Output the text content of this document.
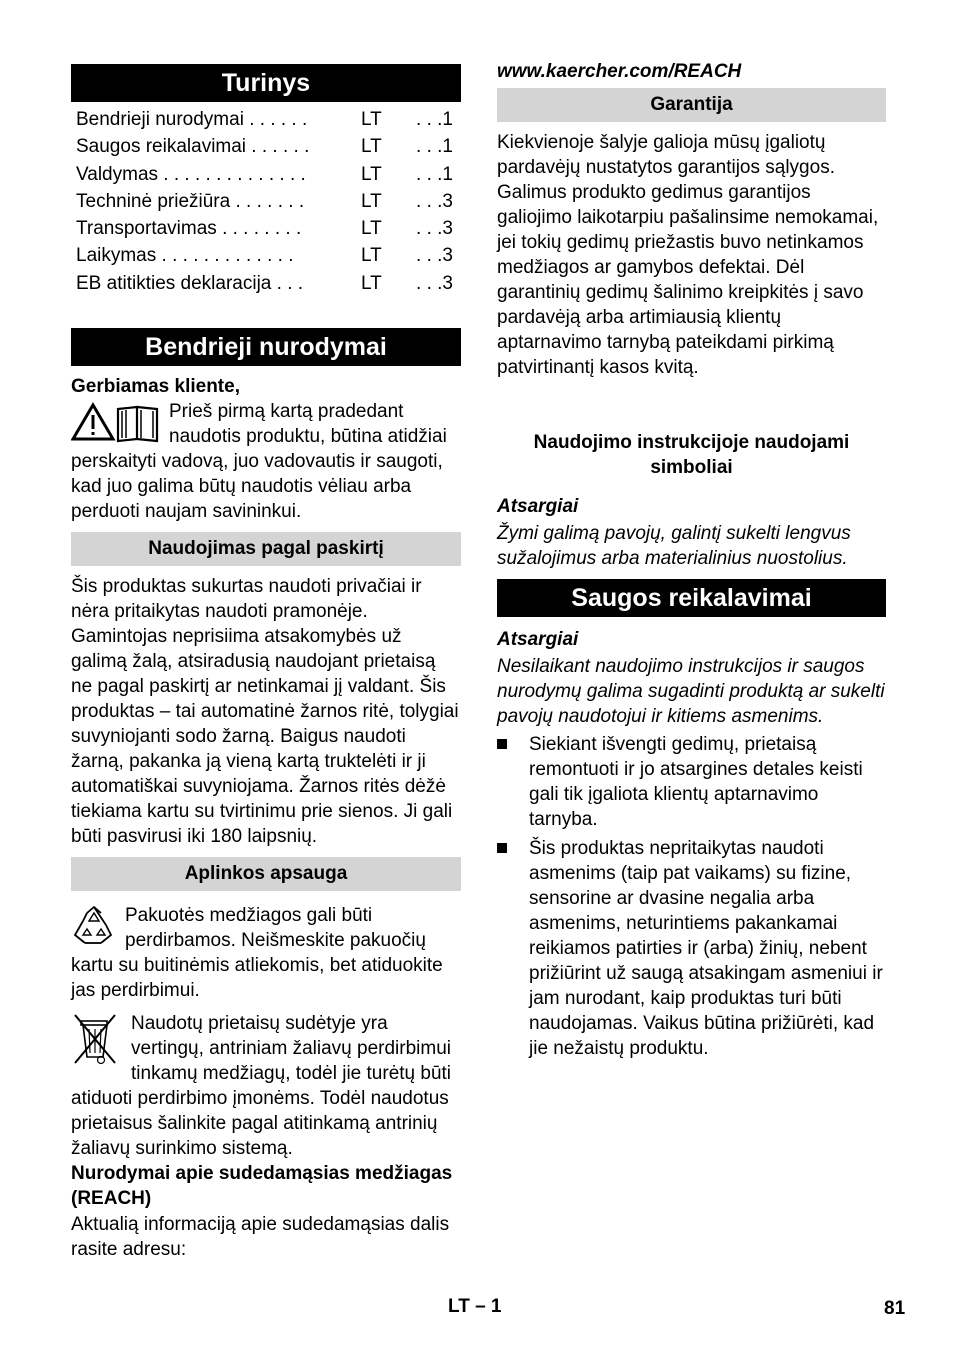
Turinys
Bendrieji nurodymai . . . . . .	LT	. . .1
Saugos reikalavimai . . . . . .	LT	. . .1
Valdymas . . . . . . . . . . . . . .	LT	. . .1
Techninė priežiūra . . . . . . .	LT	. . .3
Transportavimas . . . . . . . .	LT	. . .3
Laikymas . . . . . . . . . . . . .	LT	. . .3
EB atitikties deklaracija . . .	LT	. . .3
Bendrieji nurodymai

Gerbiamas kliente,

Prieš pirmą kartą pradedant naudotis produktu, būtina atidžiai perskaityti vadovą, juo vadovautis ir saugoti, kad juo galima būtų naudotis vėliau arba perduoti naujam savininkui.

Naudojimas pagal paskirtį

Šis produktas sukurtas naudoti privačiai ir nėra pritaikytas naudoti pramonėje. Gamintojas neprisiima atsakomybės už galimą žalą, atsiradusią naudojant prietaisą ne pagal paskirtį ar netinkamai jį valdant. Šis produktas – tai automatinė žarnos ritė, tolygiai suvyniojanti sodo žarną. Baigus naudoti žarną, pakanka ją vieną kartą truktelėti ir ji automatiškai suvyniojama. Žarnos ritės dėžė tiekiama kartu su tvirtinimu prie sienos. Ji gali būti pasvirusi iki 180 laipsnių.

Aplinkos apsauga

Pakuotės medžiagos gali būti perdirbamos. Neišmeskite pakuočių kartu su buitinėmis atliekomis, bet atiduokite jas perdirbimui.

Naudotų prietaisų sudėtyje yra vertingų, antriniam žaliavų perdirbimui tinkamų medžiagų, todėl jie turėtų būti atiduoti perdirbimo įmonėms. Todėl naudotus prietaisus šalinkite pagal atitinkamą antrinių žaliavų surinkimo sistemą.

Nurodymai apie sudedamąsias medžiagas (REACH)

Aktualią informaciją apie sudedamąsias dalis rasite adresu:

www.kaercher.com/REACH

Garantija

Kiekvienoje šalyje galioja mūsų įgaliotų pardavėjų nustatytos garantijos sąlygos. Galimus produkto gedimus garantijos galiojimo laikotarpiu pašalinsime nemokamai, jei tokių gedimų priežastis buvo netinkamos medžiagos ar gamybos defektai. Dėl garantinių gedimų šalinimo kreipkitės į savo pardavėją arba artimiausią klientų aptarnavimo tarnybą pateikdami pirkimą patvirtinantį kasos kvitą.

Naudojimo instrukcijoje naudojami simboliai

Atsargiai

Žymi galimą pavojų, galintį sukelti lengvus sužalojimus arba materialinius nuostolius.

Saugos reikalavimai

Atsargiai

Nesilaikant naudojimo instrukcijos ir saugos nurodymų galima sugadinti produktą ar sukelti pavojų naudotojui ir kitiems asmenims.

Siekiant išvengti gedimų, prietaisą remontuoti ir jo atsargines detales keisti gali tik įgaliota klientų aptarnavimo tarnyba.
Šis produktas nepritaikytas naudoti asmenims (taip pat vaikams) su fizine, sensorine ar dvasine negalia arba asmenims, neturintiems pakankamai reikiamos patirties ir (arba) žinių, nebent prižiūrint už saugą atsakingam asmeniui ir jam nurodant, kaip produktas turi būti naudojamas. Vaikus būtina prižiūrėti, kad jie nežaistų produktu.
LT – 1	81
